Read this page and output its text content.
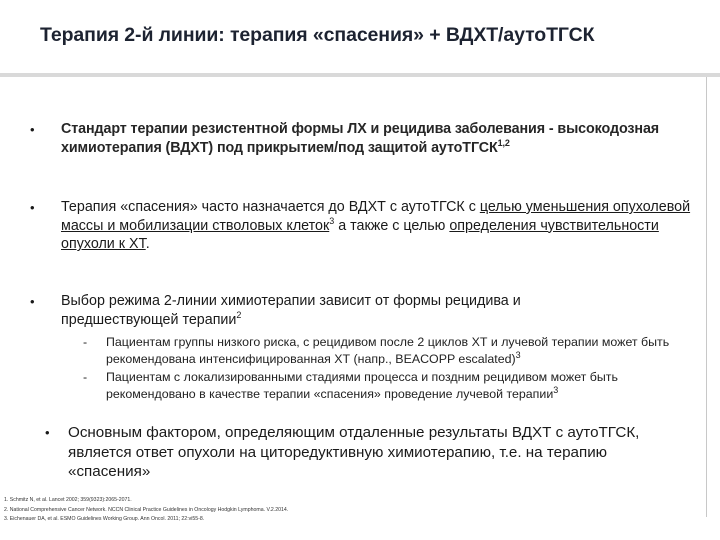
Терапия 2-й линии: терапия «спасения» + ВДХТ/аутоТГСК
• Стандарт терапии резистентной формы ЛХ и рецидива заболевания - высокодозная химиотерапия (ВДХТ) под прикрытием/под защитой аутоТГСК$^{1,2}$
• Терапия «спасения» часто назначается до ВДХТ с аутоТГСК с целью уменьшения опухолевой массы и мобилизации стволовых клеток$^3$ а также с целью определения чувствительности опухоли к ХТ.
• Выбор режима 2-линии химиотерапии зависит от формы рецидива и предшествующей терапии$^2$
- Пациентам группы низкого риска, с рецидивом после 2 циклов ХТ и лучевой терапии может быть рекомендована интенсифицированная ХТ (напр., BEACOPP escalated)$^3$
- Пациентам с локализированными стадиями процесса и поздним рецидивом может быть рекомендовано в качестве терапии «спасения» проведение лучевой терапии$^3$
• Основным фактором, определяющим отдаленные результаты ВДХТ с аутоТГСК, является ответ опухоли на циторедуктивную химиотерапию, т.е. на терапию «спасения»
1. Schmitz N, et al. Lancet 2002; 359(9323):2065-2071.
2. National Comprehensive Cancer Network. NCCN Clinical Practice Guidelines in Oncology Hodgkin Lymphoma. V.2.2014.
3. Eichenauer DA, et al. ESMO Guidelines Working Group. Ann Oncol. 2011; 22:vi55-8.
